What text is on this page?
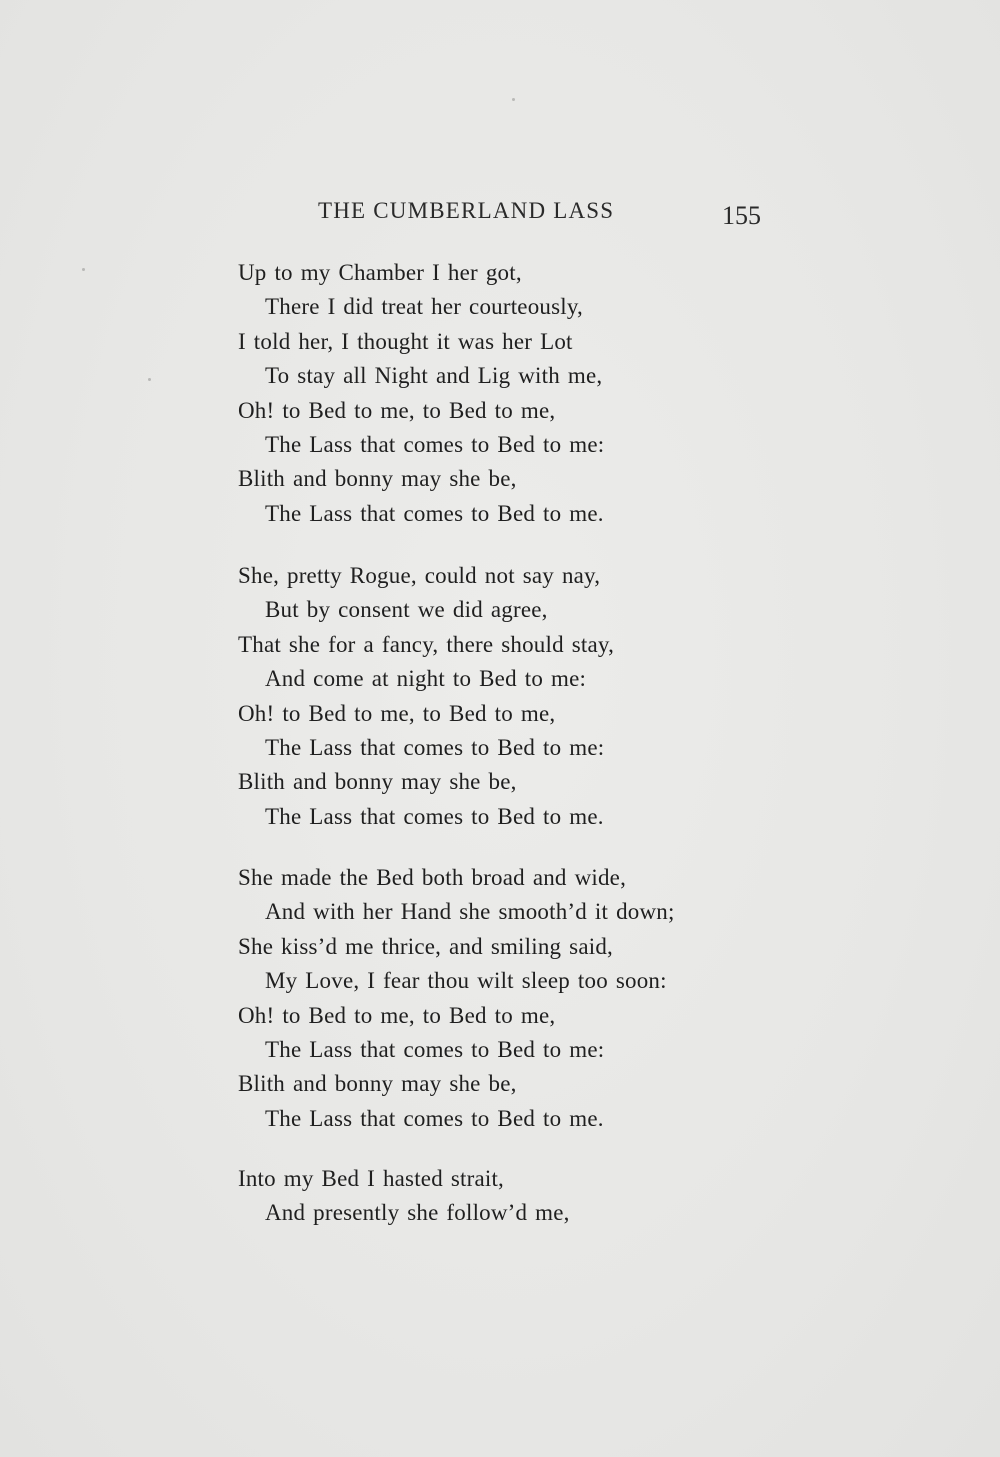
THE CUMBERLAND LASS	155
Up to my Chamber I her got,
There I did treat her courteously,
I told her, I thought it was her Lot
To stay all Night and Lig with me,
Oh! to Bed to me, to Bed to me,
The Lass that comes to Bed to me:
Blith and bonny may she be,
The Lass that comes to Bed to me.
She, pretty Rogue, could not say nay,
But by consent we did agree,
That she for a fancy, there should stay,
And come at night to Bed to me:
Oh! to Bed to me, to Bed to me,
The Lass that comes to Bed to me:
Blith and bonny may she be,
The Lass that comes to Bed to me.
She made the Bed both broad and wide,
And with her Hand she smooth’d it down;
She kiss’d me thrice, and smiling said,
My Love, I fear thou wilt sleep too soon:
Oh! to Bed to me, to Bed to me,
The Lass that comes to Bed to me:
Blith and bonny may she be,
The Lass that comes to Bed to me.
Into my Bed I hasted strait,
And presently she follow’d me,
